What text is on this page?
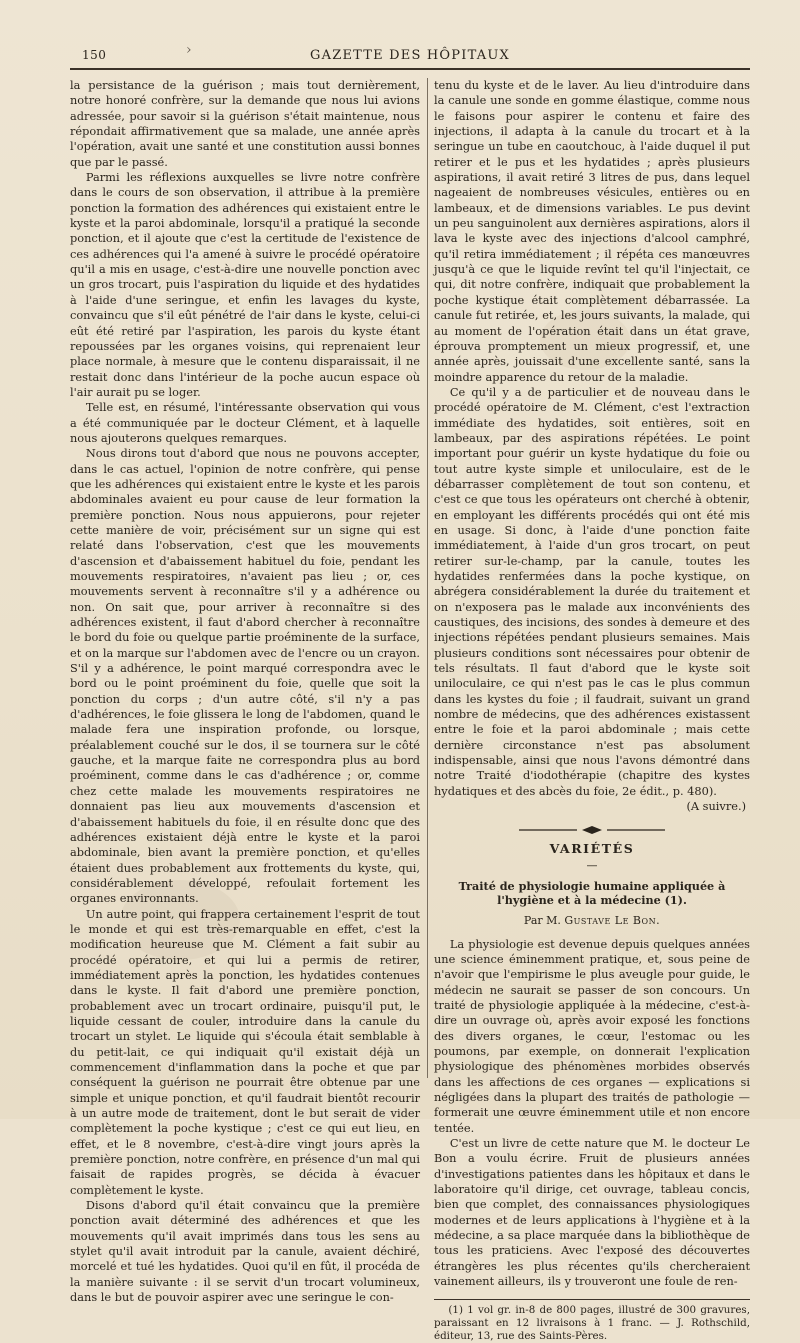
150	›	GAZETTE DES HÔPITAUX

la persistance de la guérison ; mais tout dernièrement, notre honoré confrère, sur la demande que nous lui avions adressée, pour savoir si la guérison s'était maintenue, nous répondait affirmativement que sa malade, une année après l'opération, avait une santé et une constitution aussi bonnes que par le passé.

Parmi les réflexions auxquelles se livre notre confrère dans le cours de son observation, il attribue à la première ponction la formation des adhérences qui existaient entre le kyste et la paroi abdominale, lorsqu'il a pratiqué la seconde ponction, et il ajoute que c'est la certitude de l'existence de ces adhérences qui l'a amené à suivre le procédé opératoire qu'il a mis en usage, c'est-à-dire une nouvelle ponction avec un gros trocart, puis l'aspiration du liquide et des hydatides à l'aide d'une seringue, et enfin les lavages du kyste, convaincu que s'il eût pénétré de l'air dans le kyste, celui-ci eût été retiré par l'aspiration, les parois du kyste étant repoussées par les organes voisins, qui reprenaient leur place normale, à mesure que le contenu disparaissait, il ne restait donc dans l'intérieur de la poche aucun espace où l'air aurait pu se loger.

Telle est, en résumé, l'intéressante observation qui vous a été communiquée par le docteur Clément, et à laquelle nous ajouterons quelques remarques.

Nous dirons tout d'abord que nous ne pouvons accepter, dans le cas actuel, l'opinion de notre confrère, qui pense que les adhérences qui existaient entre le kyste et les parois abdominales avaient eu pour cause de leur formation la première ponction. Nous nous appuierons, pour rejeter cette manière de voir, précisément sur un signe qui est relaté dans l'observation, c'est que les mouvements d'ascension et d'abaissement habituel du foie, pendant les mouvements respiratoires, n'avaient pas lieu ; or, ces mouvements servent à reconnaître s'il y a adhérence ou non. On sait que, pour arriver à reconnaître si des adhérences existent, il faut d'abord chercher à reconnaître le bord du foie ou quelque partie proéminente de la surface, et on la marque sur l'abdomen avec de l'encre ou un crayon. S'il y a adhérence, le point marqué correspondra avec le bord ou le point proéminent du foie, quelle que soit la ponction du corps ; d'un autre côté, s'il n'y a pas d'adhérences, le foie glissera le long de l'abdomen, quand le malade fera une inspiration profonde, ou lorsque, préalablement couché sur le dos, il se tournera sur le côté gauche, et la marque faite ne correspondra plus au bord proéminent, comme dans le cas d'adhérence ; or, comme chez cette malade les mouvements respiratoires ne donnaient pas lieu aux mouvements d'ascension et d'abaissement habituels du foie, il en résulte donc que des adhérences existaient déjà entre le kyste et la paroi abdominale, bien avant la première ponction, et qu'elles étaient dues probablement aux frottements du kyste, qui, considérablement développé, refoulait fortement les organes environnants.

Un autre point, qui frappera certainement l'esprit de tout le monde et qui est très-remarquable en effet, c'est la modification heureuse que M. Clément a fait subir au procédé opératoire, et qui lui a permis de retirer, immédiatement après la ponction, les hydatides contenues dans le kyste. Il fait d'abord une première ponction, probablement avec un trocart ordinaire, puisqu'il put, le liquide cessant de couler, introduire dans la canule du trocart un stylet. Le liquide qui s'écoula était semblable à du petit-lait, ce qui indiquait qu'il existait déjà un commencement d'inflammation dans la poche et que par conséquent la guérison ne pourrait être obtenue par une simple et unique ponction, et qu'il faudrait bientôt recourir à un autre mode de traitement, dont le but serait de vider complètement la poche kystique ; c'est ce qui eut lieu, en effet, et le 8 novembre, c'est-à-dire vingt jours après la première ponction, notre confrère, en présence d'un mal qui faisait de rapides progrès, se décida à évacuer complètement le kyste.

Disons d'abord qu'il était convaincu que la première ponction avait déterminé des adhérences et que les mouvements qu'il avait imprimés dans tous les sens au stylet qu'il avait introduit par la canule, avaient déchiré, morcelé et tué les hydatides. Quoi qu'il en fût, il procéda de la manière suivante : il se servit d'un trocart volumineux, dans le but de pouvoir aspirer avec une seringue le con-

tenu du kyste et de le laver. Au lieu d'introduire dans la canule une sonde en gomme élastique, comme nous le faisons pour aspirer le contenu et faire des injections, il adapta à la canule du trocart et à la seringue un tube en caoutchouc, à l'aide duquel il put retirer et le pus et les hydatides ; après plusieurs aspirations, il avait retiré 3 litres de pus, dans lequel nageaient de nombreuses vésicules, entières ou en lambeaux, et de dimensions variables. Le pus devint un peu sanguinolent aux dernières aspirations, alors il lava le kyste avec des injections d'alcool camphré, qu'il retira immédiatement ; il répéta ces manœuvres jusqu'à ce que le liquide revînt tel qu'il l'injectait, ce qui, dit notre confrère, indiquait que probablement la poche kystique était complètement débarrassée. La canule fut retirée, et, les jours suivants, la malade, qui au moment de l'opération était dans un état grave, éprouva promptement un mieux progressif, et, une année après, jouissait d'une excellente santé, sans la moindre apparence du retour de la maladie.

Ce qu'il y a de particulier et de nouveau dans le procédé opératoire de M. Clément, c'est l'extraction immédiate des hydatides, soit entières, soit en lambeaux, par des aspirations répétées. Le point important pour guérir un kyste hydatique du foie ou tout autre kyste simple et uniloculaire, est de le débarrasser complètement de tout son contenu, et c'est ce que tous les opérateurs ont cherché à obtenir, en employant les différents procédés qui ont été mis en usage. Si donc, à l'aide d'une ponction faite immédiatement, à l'aide d'un gros trocart, on peut retirer sur-le-champ, par la canule, toutes les hydatides renfermées dans la poche kystique, on abrégera considérablement la durée du traitement et on n'exposera pas le malade aux inconvénients des caustiques, des incisions, des sondes à demeure et des injections répétées pendant plusieurs semaines. Mais plusieurs conditions sont nécessaires pour obtenir de tels résultats. Il faut d'abord que le kyste soit uniloculaire, ce qui n'est pas le cas le plus commun dans les kystes du foie ; il faudrait, suivant un grand nombre de médecins, que des adhérences existassent entre le foie et la paroi abdominale ; mais cette dernière circonstance n'est pas absolument indispensable, ainsi que nous l'avons démontré dans notre Traité d'iodothérapie (chapitre des kystes hydatiques et des abcès du foie, 2e édit., p. 480).

(A suivre.)

VARIÉTÉS
—
Traité de physiologie humaine appliquée à l'hygiène et à la médecine (1).
Par M. Gustave Le Bon.

La physiologie est devenue depuis quelques années une science éminemment pratique, et, sous peine de n'avoir que l'empirisme le plus aveugle pour guide, le médecin ne saurait se passer de son concours. Un traité de physiologie appliquée à la médecine, c'est-à-dire un ouvrage où, après avoir exposé les fonctions des divers organes, le cœur, l'estomac ou les poumons, par exemple, on donnerait l'explication physiologique des phénomènes morbides observés dans les affections de ces organes — explications si négligées dans la plupart des traités de pathologie — formerait une œuvre éminemment utile et non encore tentée.

C'est un livre de cette nature que M. le docteur Le Bon a voulu écrire. Fruit de plusieurs années d'investigations patientes dans les hôpitaux et dans le laboratoire qu'il dirige, cet ouvrage, tableau concis, bien que complet, des connaissances physiologiques modernes et de leurs applications à l'hygiène et à la médecine, a sa place marquée dans la bibliothèque de tous les praticiens. Avec l'exposé des découvertes étrangères les plus récentes qu'ils chercheraient vainement ailleurs, ils y trouveront une foule de ren-

(1) 1 vol gr. in-8 de 800 pages, illustré de 300 gravures, paraissant en 12 livraisons à 1 franc. — J. Rothschild, éditeur, 13, rue des Saints-Pères.
